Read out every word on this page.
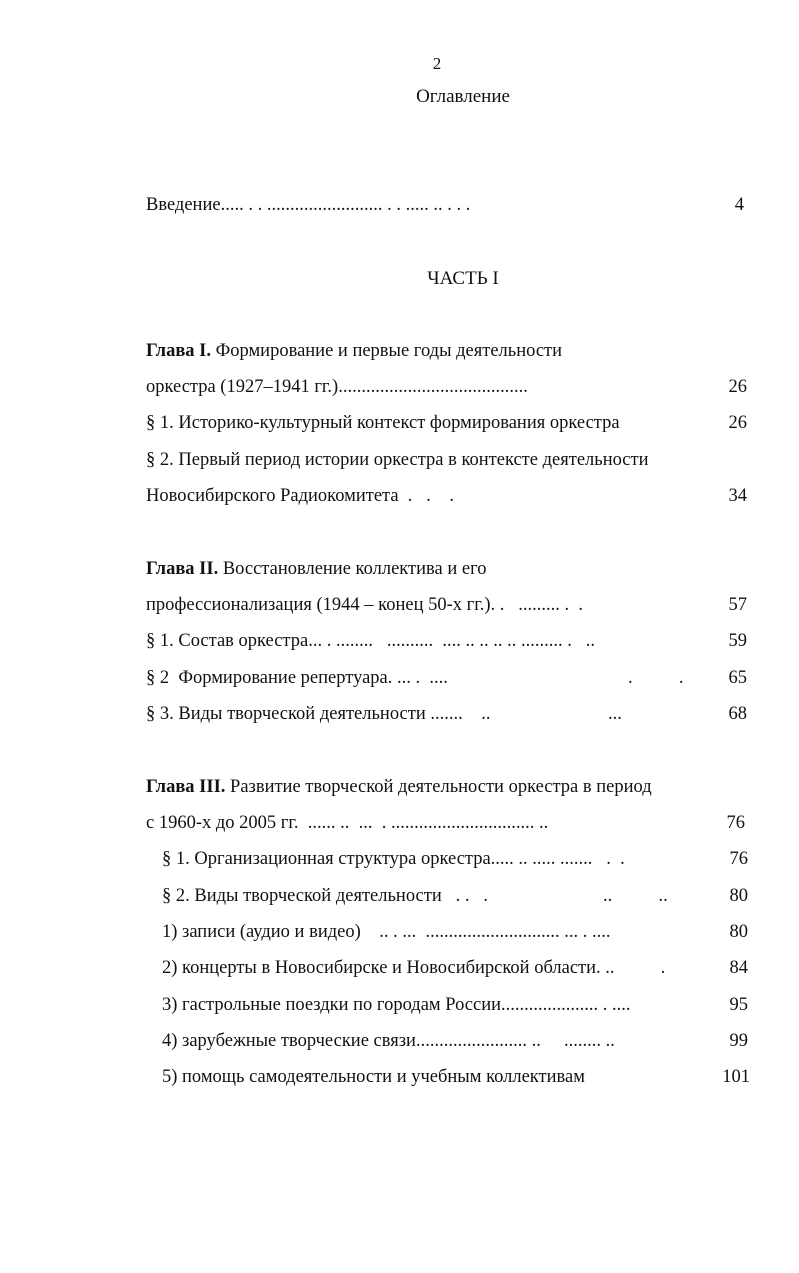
2
Оглавление
Введение..... . . ......................... . . ..... .. . . .	4
ЧАСТЬ I
Глава I. Формирование и первые годы деятельности
оркестра (1927–1941 гг.).........................................	26
§ 1. Историко-культурный контекст формирования оркестра	26
§ 2. Первый период истории оркестра в контексте деятельности
Новосибирского Радиокомитета  .   .    .	34
Глава II. Восстановление коллектива и его
профессионализация (1944 – конец 50-х гг.). .   ......... .  .	57
§ 1. Состав оркестра... . ........   ..........  .... .. .. .. .. ......... .   ..	59
§ 2  Формирование репертуара. ... .  ....	.          .	65
§ 3. Виды творческой деятельности .......    ..	...	68
Глава III. Развитие творческой деятельности оркестра в период
с 1960-х до 2005 гг.  ...... ..  ...  . ............................... ..	76
§ 1. Организационная структура оркестра..... .. ..... .......   .  .	76
§ 2. Виды творческой деятельности   . .   .	..          ..	80
1) записи (аудио и видео)    .. . ...  ............................. ... . ....	80
2) концерты в Новосибирске и Новосибирской области. ..          .	84
3) гастрольные поездки по городам России..................... . ....	95
4) зарубежные творческие связи........................ ..     ........ ..	99
5) помощь самодеятельности и учебным коллективам	101
